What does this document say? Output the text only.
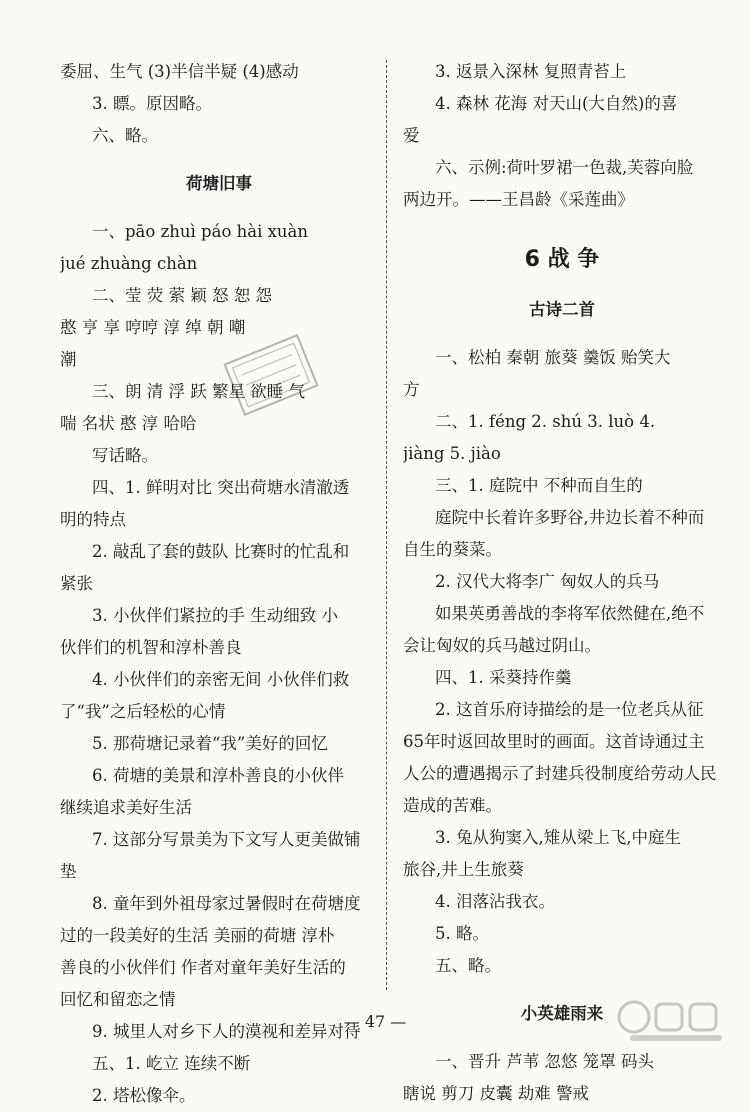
委屈、生气 (3)半信半疑 (4)感动
3. 瞟。原因略。
六、略。
荷塘旧事
一、pāo zhuì páo hài xuàn
jué zhuàng chàn
二、莹 荧 萦 颖 怒 恕 怨
憨 亨 享 哼哼 淳 绰 朝 嘲
潮
三、朗 清 浮 跃 繁星 欲睡 气
喘 名状 憨 淳 哈哈
写话略。
四、1. 鲜明对比 突出荷塘水清澈透
明的特点
2. 敲乱了套的鼓队 比赛时的忙乱和
紧张
3. 小伙伴们紧拉的手 生动细致 小
伙伴们的机智和淳朴善良
4. 小伙伴们的亲密无间 小伙伴们救
了“我”之后轻松的心情
5. 那荷塘记录着“我”美好的回忆
6. 荷塘的美景和淳朴善良的小伙伴
继续追求美好生活
7. 这部分写景美为下文写人更美做铺
垫
8. 童年到外祖母家过暑假时在荷塘度
过的一段美好的生活 美丽的荷塘 淳朴
善良的小伙伴们 作者对童年美好生活的
回忆和留恋之情
9. 城里人对乡下人的漠视和差异对待
五、1. 屹立 连续不断
2. 塔松像伞。
3. 返景入深林 复照青苔上
4. 森林 花海 对天山(大自然)的喜
爱
六、示例:荷叶罗裙一色裁,芙蓉向脸
两边开。——王昌龄《采莲曲》
6 战 争
古诗二首
一、松柏 秦朝 旅葵 羹饭 贻笑大
方
二、1. féng 2. shú 3. luò 4.
jiàng 5. jiào
三、1. 庭院中 不种而自生的
庭院中长着许多野谷,井边长着不种而
自生的葵菜。
2. 汉代大将李广 匈奴人的兵马
如果英勇善战的李将军依然健在,绝不
会让匈奴的兵马越过阴山。
四、1. 采葵持作羹
2. 这首乐府诗描绘的是一位老兵从征
65年时返回故里时的画面。这首诗通过主
人公的遭遇揭示了封建兵役制度给劳动人民
造成的苦难。
3. 兔从狗窦入,雉从梁上飞,中庭生
旅谷,井上生旅葵
4. 泪落沾我衣。
5. 略。
五、略。
小英雄雨来
一、晋升 芦苇 忽悠 笼罩 码头
瞎说 剪刀 皮囊 劫难 警戒
— 47 —
